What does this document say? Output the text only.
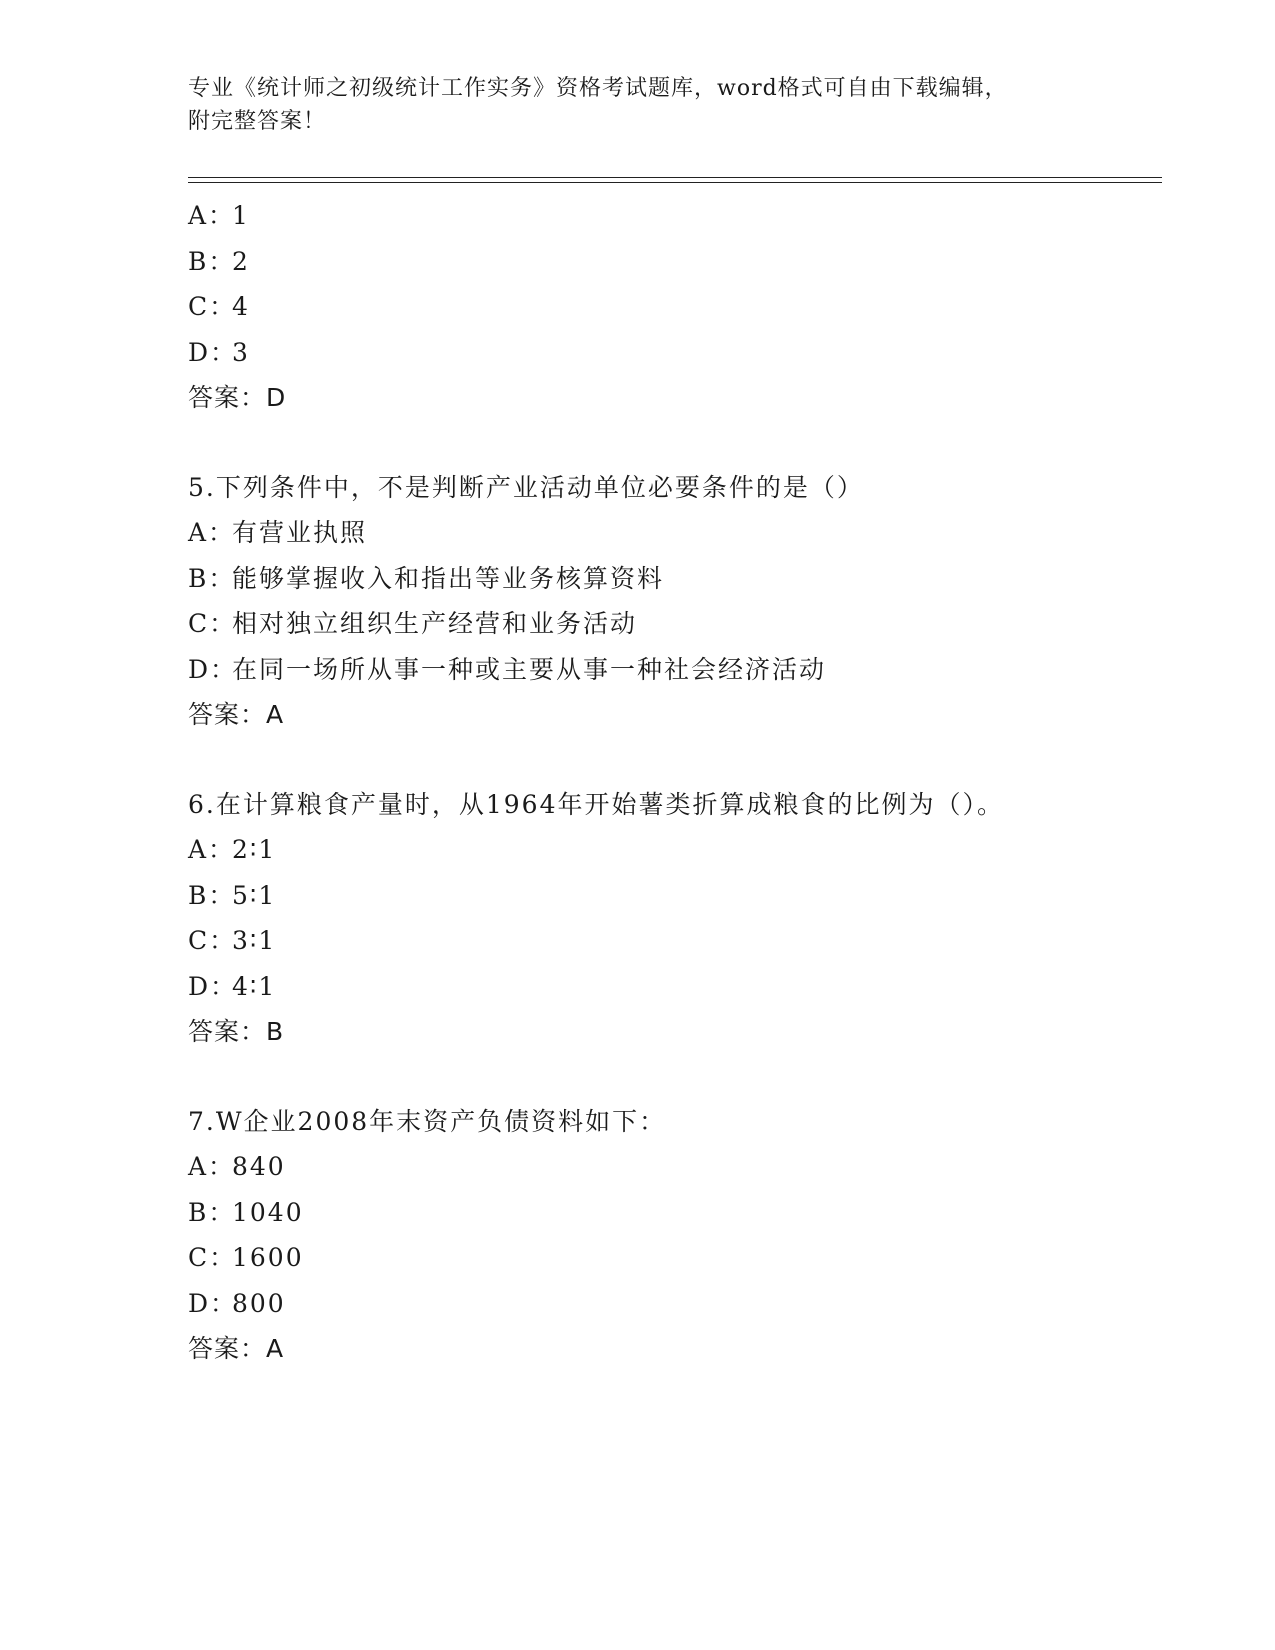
专业《统计师之初级统计工作实务》资格考试题库，word格式可自由下载编辑，
附完整答案！
A：1
B：2
C：4
D：3
答案：D
5.下列条件中，不是判断产业活动单位必要条件的是（）
A：有营业执照
B：能够掌握收入和指出等业务核算资料
C：相对独立组织生产经营和业务活动
D：在同一场所从事一种或主要从事一种社会经济活动
答案：A
6.在计算粮食产量时，从1964年开始薯类折算成粮食的比例为（）。
A：2∶1
B：5∶1
C：3∶1
D：4∶1
答案：B
7.W企业2008年末资产负债资料如下：
A：840
B：1040
C：1600
D：800
答案：A
